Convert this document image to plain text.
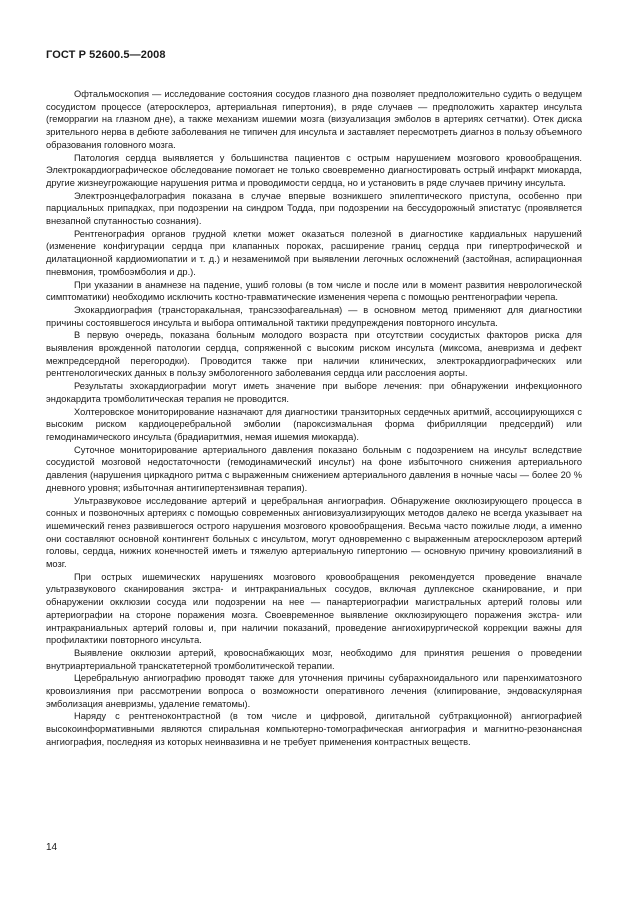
ГОСТ Р 52600.5—2008

Офтальмоскопия — исследование состояния сосудов глазного дна позволяет предположительно судить о ведущем сосудистом процессе (атеросклероз, артериальная гипертония), в ряде случаев — предположить характер инсульта (геморрагии на глазном дне), а также механизм ишемии мозга (визуализация эмболов в артериях сетчатки). Отек диска зрительного нерва в дебюте заболевания не типичен для инсульта и заставляет пересмотреть диагноз в пользу объемного образования головного мозга.

Патология сердца выявляется у большинства пациентов с острым нарушением мозгового кровообращения. Электрокардиографическое обследование помогает не только своевременно диагностировать острый инфаркт миокарда, другие жизнеугрожающие нарушения ритма и проводимости сердца, но и установить в ряде случаев причину инсульта.

Электроэнцефалография показана в случае впервые возникшего эпилептического приступа, особенно при парциальных припадках, при подозрении на синдром Тодда, при подозрении на бессудорожный эпистатус (проявляется внезапной спутанностью сознания).

Рентгенография органов грудной клетки может оказаться полезной в диагностике кардиальных нарушений (изменение конфигурации сердца при клапанных пороках, расширение границ сердца при гипертрофической и дилатационной кардиомиопатии и т. д.) и незаменимой при выявлении легочных осложнений (застойная, аспирационная пневмония, тромбоэмболия и др.).

При указании в анамнезе на падение, ушиб головы (в том числе и после или в момент развития неврологической симптоматики) необходимо исключить костно-травматические изменения черепа с помощью рентгенографии черепа.

Эхокардиография (трансторакальная, трансэзофагеальная) — в основном метод применяют для диагностики причины состоявшегося инсульта и выбора оптимальной тактики предупреждения повторного инсульта.

В первую очередь, показана больным молодого возраста при отсутствии сосудистых факторов риска для выявления врожденной патологии сердца, сопряженной с высоким риском инсульта (миксома, аневризма и дефект межпредсердной перегородки). Проводится также при наличии клинических, электрокардиографических или рентгенологических данных в пользу эмбологенного заболевания сердца или расслоения аорты.

Результаты эхокардиографии могут иметь значение при выборе лечения: при обнаружении инфекционного эндокардита тромболитическая терапия не проводится.

Холтеровское мониторирование назначают для диагностики транзиторных сердечных аритмий, ассоциирующихся с высоким риском кардиоцеребральной эмболии (пароксизмальная форма фибрилляции предсердий) или гемодинамического инсульта (брадиаритмия, немая ишемия миокарда).

Суточное мониторирование артериального давления показано больным с подозрением на инсульт вследствие сосудистой мозговой недостаточности (гемодинамический инсульт) на фоне избыточного снижения артериального давления (нарушения циркадного ритма с выраженным снижением артериального давления в ночные часы — более 20 % дневного уровня; избыточная антигипертензивная терапия).

Ультразвуковое исследование артерий и церебральная ангиография. Обнаружение окклюзирующего процесса в сонных и позвоночных артериях с помощью современных ангиовизуализирующих методов далеко не всегда указывает на ишемический генез развившегося острого нарушения мозгового кровообращения. Весьма часто пожилые люди, а именно они составляют основной контингент больных с инсультом, могут одновременно с выраженным атеросклерозом артерий головы, сердца, нижних конечностей иметь и тяжелую артериальную гипертонию — основную причину кровоизлияний в мозг.

При острых ишемических нарушениях мозгового кровообращения рекомендуется проведение вначале ультразвукового сканирования экстра- и интракраниальных сосудов, включая дуплексное сканирование, и при обнаружении окклюзии сосуда или подозрении на нее — панартериографии магистральных артерий головы или артериографии на стороне поражения мозга. Своевременное выявление окклюзирующего поражения экстра- или интракраниальных артерий головы и, при наличии показаний, проведение ангиохирургической коррекции важны для профилактики повторного инсульта.

Выявление окклюзии артерий, кровоснабжающих мозг, необходимо для принятия решения о проведении внутриартериальной транскатетерной тромболитической терапии.

Церебральную ангиографию проводят также для уточнения причины субарахноидального или паренхиматозного кровоизлияния при рассмотрении вопроса о возможности оперативного лечения (клипирование, эндоваскулярная эмболизация аневризмы, удаление гематомы).

Наряду с рентгеноконтрастной (в том числе и цифровой, дигитальной субтракционной) ангиографией высокоинформативными являются спиральная компьютерно-томографическая ангиография и магнитно-резонансная ангиография, последняя из которых неинвазивна и не требует применения контрастных веществ.

14
